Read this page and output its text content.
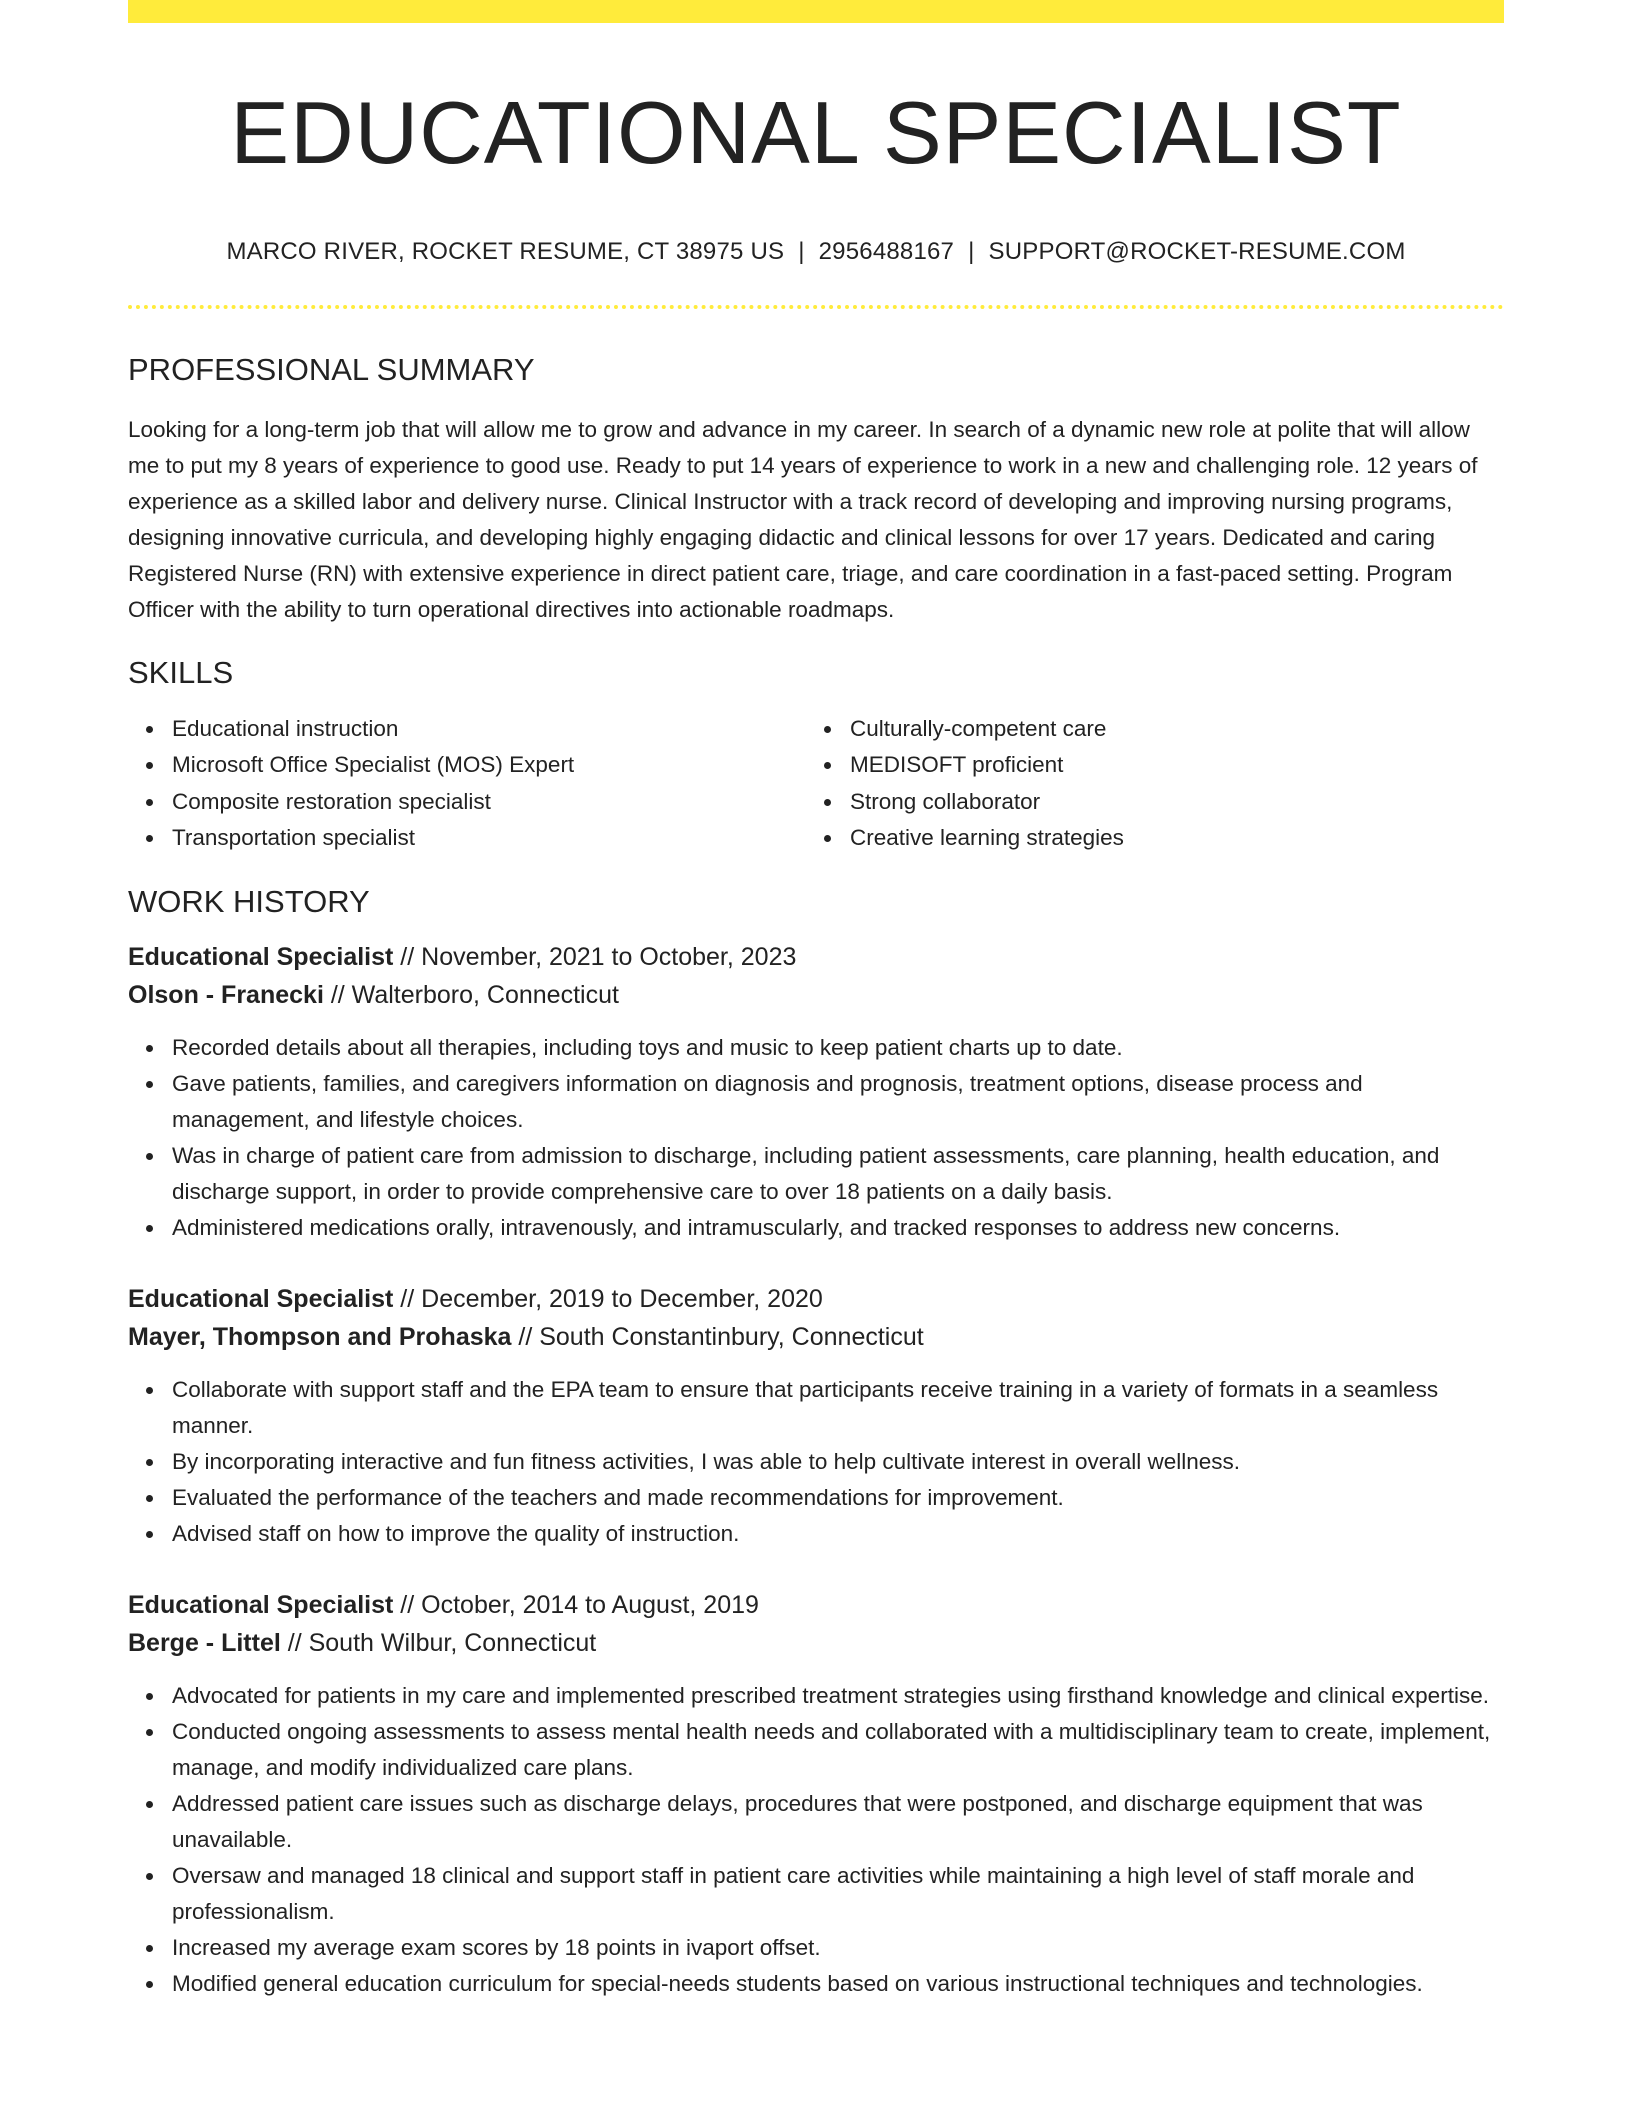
EDUCATIONAL SPECIALIST
MARCO RIVER, ROCKET RESUME, CT 38975 US | 2956488167 | SUPPORT@ROCKET-RESUME.COM
PROFESSIONAL SUMMARY

Looking for a long-term job that will allow me to grow and advance in my career. In search of a dynamic new role at polite that will allow me to put my 8 years of experience to good use. Ready to put 14 years of experience to work in a new and challenging role. 12 years of experience as a skilled labor and delivery nurse. Clinical Instructor with a track record of developing and improving nursing programs, designing innovative curricula, and developing highly engaging didactic and clinical lessons for over 17 years. Dedicated and caring Registered Nurse (RN) with extensive experience in direct patient care, triage, and care coordination in a fast-paced setting. Program Officer with the ability to turn operational directives into actionable roadmaps.

SKILLS
Educational instruction
Microsoft Office Specialist (MOS) Expert
Composite restoration specialist
Transportation specialist
Culturally-competent care
MEDISOFT proficient
Strong collaborator
Creative learning strategies
WORK HISTORY
Educational Specialist // November, 2021 to October, 2023
Olson - Franecki // Walterboro, Connecticut
Recorded details about all therapies, including toys and music to keep patient charts up to date.
Gave patients, families, and caregivers information on diagnosis and prognosis, treatment options, disease process and management, and lifestyle choices.
Was in charge of patient care from admission to discharge, including patient assessments, care planning, health education, and discharge support, in order to provide comprehensive care to over 18 patients on a daily basis.
Administered medications orally, intravenously, and intramuscularly, and tracked responses to address new concerns.
Educational Specialist // December, 2019 to December, 2020
Mayer, Thompson and Prohaska // South Constantinbury, Connecticut
Collaborate with support staff and the EPA team to ensure that participants receive training in a variety of formats in a seamless manner.
By incorporating interactive and fun fitness activities, I was able to help cultivate interest in overall wellness.
Evaluated the performance of the teachers and made recommendations for improvement.
Advised staff on how to improve the quality of instruction.
Educational Specialist // October, 2014 to August, 2019
Berge - Littel // South Wilbur, Connecticut
Advocated for patients in my care and implemented prescribed treatment strategies using firsthand knowledge and clinical expertise.
Conducted ongoing assessments to assess mental health needs and collaborated with a multidisciplinary team to create, implement, manage, and modify individualized care plans.
Addressed patient care issues such as discharge delays, procedures that were postponed, and discharge equipment that was unavailable.
Oversaw and managed 18 clinical and support staff in patient care activities while maintaining a high level of staff morale and professionalism.
Increased my average exam scores by 18 points in ivaport offset.
Modified general education curriculum for special-needs students based on various instructional techniques and technologies.
